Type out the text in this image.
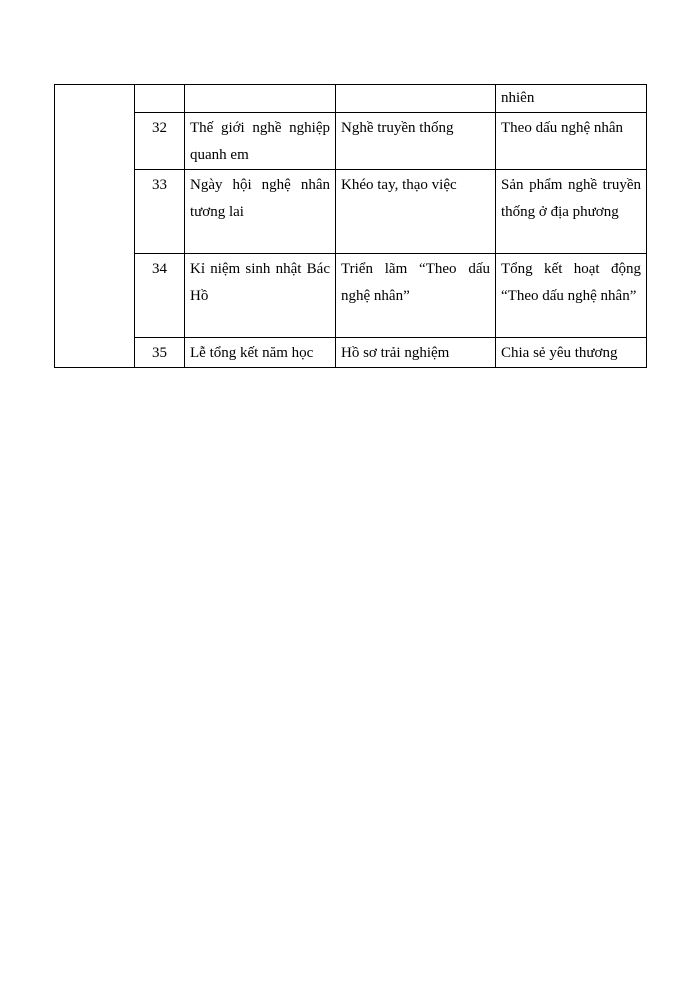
				nhiên
	32	Thế giới nghề nghiệp quanh em	Nghề truyền thống	Theo dấu nghệ nhân
	33	Ngày hội nghệ nhân tương lai	Khéo tay, thạo việc	Sản phẩm nghề truyền thống ở địa phương
	34	Kỉ niệm sinh nhật Bác Hồ	Triển lãm “Theo dấu nghệ nhân”	Tổng kết hoạt động “Theo dấu nghệ nhân”
	35	Lễ tổng kết năm học	Hồ sơ trải nghiệm	Chia sẻ yêu thương
